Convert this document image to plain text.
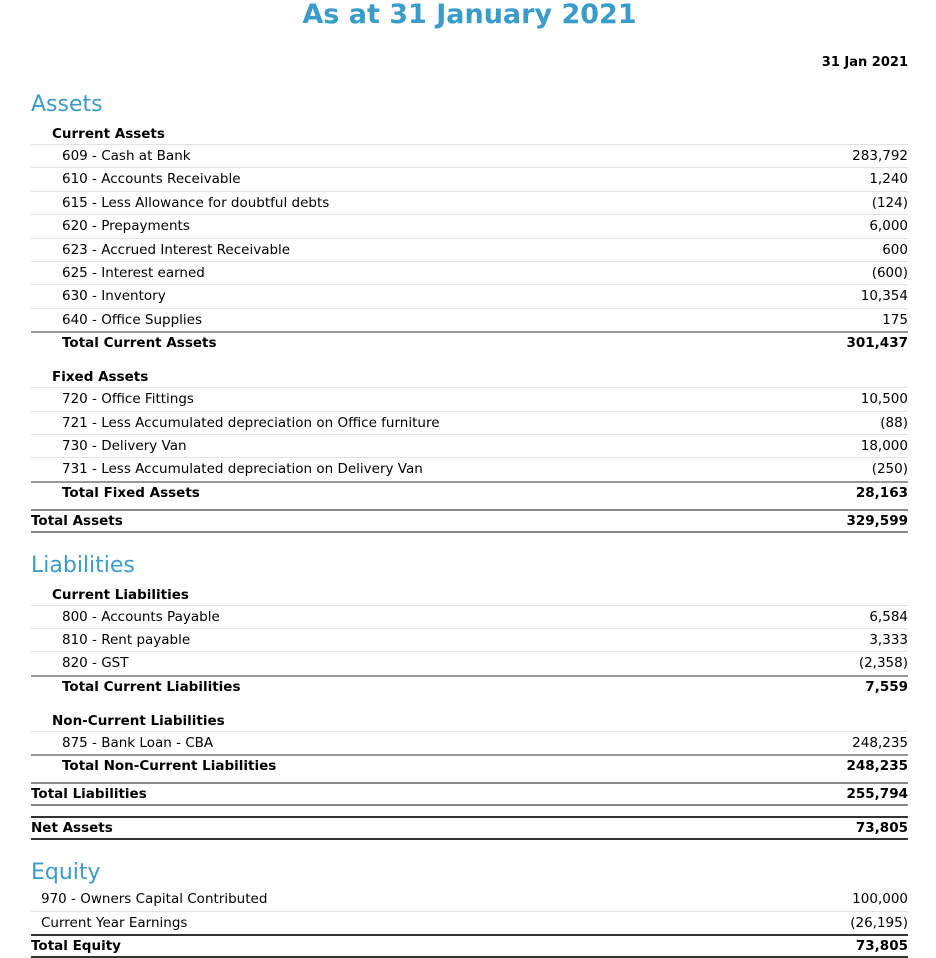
As at 31 January 2021
31 Jan 2021
Assets
Current Assets
609 - Cash at Bank	283,792
610 - Accounts Receivable	1,240
615 - Less Allowance for doubtful debts	(124)
620 - Prepayments	6,000
623 - Accrued Interest Receivable	600
625 - Interest earned	(600)
630 - Inventory	10,354
640 - Office Supplies	175
Total Current Assets	301,437
Fixed Assets
720 - Office Fittings	10,500
721 - Less Accumulated depreciation on Office furniture	(88)
730 - Delivery Van	18,000
731 - Less Accumulated depreciation on Delivery Van	(250)
Total Fixed Assets	28,163
Total Assets	329,599
Liabilities
Current Liabilities
800 - Accounts Payable	6,584
810 - Rent payable	3,333
820 - GST	(2,358)
Total Current Liabilities	7,559
Non-Current Liabilities
875 - Bank Loan - CBA	248,235
Total Non-Current Liabilities	248,235
Total Liabilities	255,794
Net Assets	73,805
Equity
970 - Owners Capital Contributed	100,000
Current Year Earnings	(26,195)
Total Equity	73,805
